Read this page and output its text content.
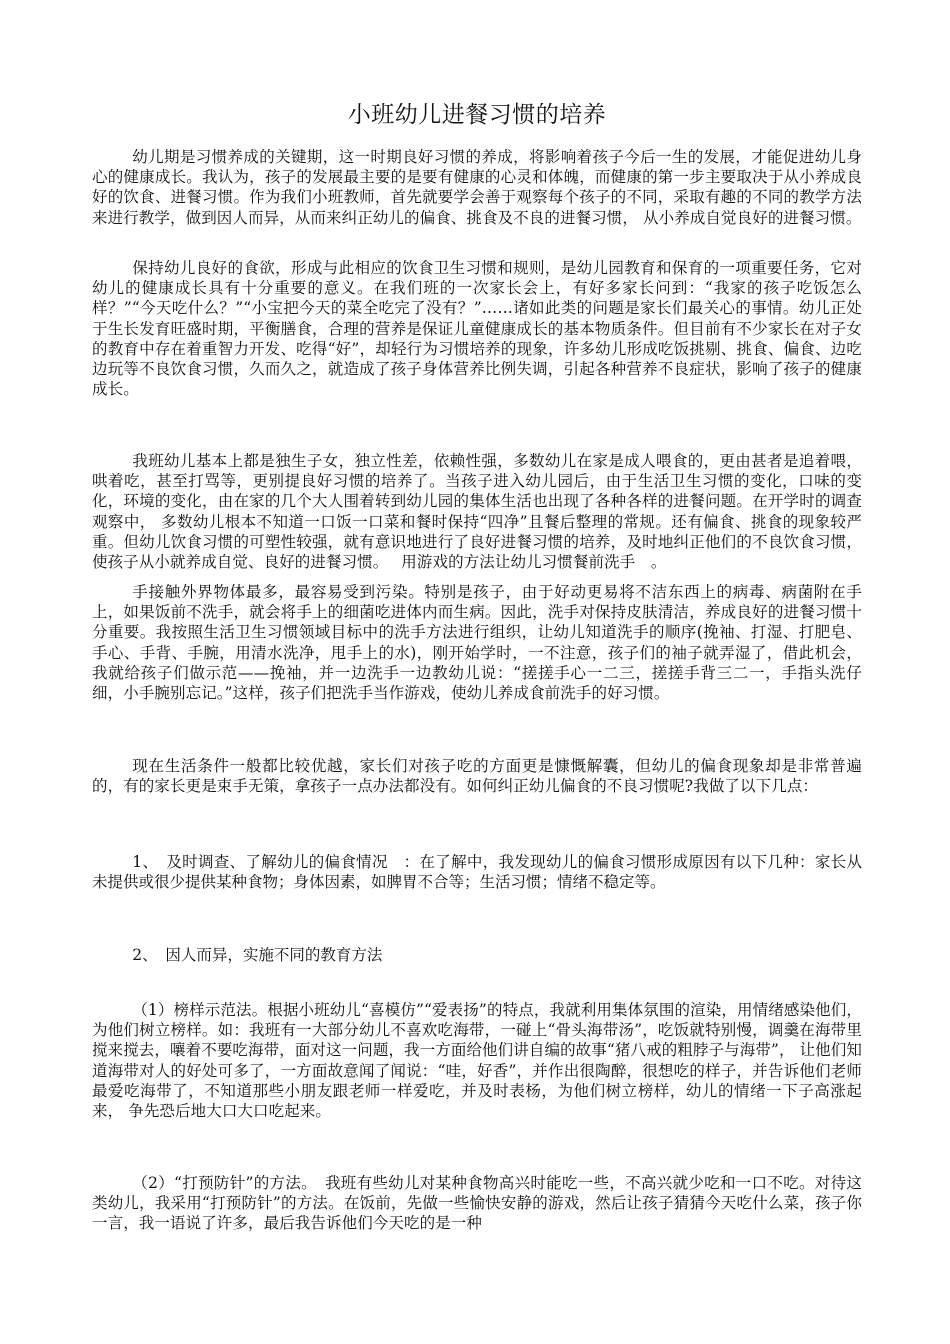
小班幼儿进餐习惯的培养

幼儿期是习惯养成的关键期，这一时期良好习惯的养成，将影响着孩子今后一生的发展，才能促进幼儿身心的健康成长。我认为，孩子的发展最主要的是要有健康的心灵和体魄，而健康的第一步主要取决于从小养成良好的饮食、进餐习惯。作为我们小班教师，首先就要学会善于观察每个孩子的不同，采取有趣的不同的教学方法来进行教学，做到因人而异，从而来纠正幼儿的偏食、挑食及不良的进餐习惯， 从小养成自觉良好的进餐习惯。

保持幼儿良好的食欲，形成与此相应的饮食卫生习惯和规则，是幼儿园教育和保育的一项重要任务，它对幼儿的健康成长具有十分重要的意义。在我们班的一次家长会上，有好多家长问到：“我家的孩子吃饭怎么样？”“今天吃什么？”“小宝把今天的菜全吃完了没有？”……诸如此类的问题是家长们最关心的事情。幼儿正处于生长发育旺盛时期，平衡膳食，合理的营养是保证儿童健康成长的基本物质条件。但目前有不少家长在对子女的教育中存在着重智力开发、吃得“好”，却轻行为习惯培养的现象，许多幼儿形成吃饭挑剔、挑食、偏食、边吃边玩等不良饮食习惯，久而久之，就造成了孩子身体营养比例失调，引起各种营养不良症状，影响了孩子的健康成长。

我班幼儿基本上都是独生子女，独立性差，依赖性强，多数幼儿在家是成人喂食的，更由甚者是追着喂，哄着吃，甚至打骂等，更别提良好习惯的培养了。当孩子进入幼儿园后，由于生活卫生习惯的变化，口味的变化，环境的变化，由在家的几个大人围着转到幼儿园的集体生活也出现了各种各样的进餐问题。在开学时的调查观察中， 多数幼儿根本不知道一口饭一口菜和餐时保持“四净”且餐后整理的常规。还有偏食、挑食的现象较严重。但幼儿饮食习惯的可塑性较强，就有意识地进行了良好进餐习惯的培养，及时地纠正他们的不良饮食习惯，使孩子从小就养成自觉、良好的进餐习惯。　 用游戏的方法让幼儿习惯餐前洗手　。

手接触外界物体最多，最容易受到污染。特别是孩子，由于好动更易将不洁东西上的病毒、病菌附在手上，如果饭前不洗手，就会将手上的细菌吃进体内而生病。因此，洗手对保持皮肤清洁，养成良好的进餐习惯十分重要。我按照生活卫生习惯领域目标中的洗手方法进行组织，让幼儿知道洗手的顺序(挽袖、打湿、打肥皂、手心、手背、手腕，用清水洗净，甩手上的水)，刚开始学时，一不注意，孩子们的袖子就弄湿了，借此机会，我就给孩子们做示范——挽袖，并一边洗手一边教幼儿说：“搓搓手心一二三，搓搓手背三二一，手指头洗仔细，小手腕别忘记。”这样，孩子们把洗手当作游戏，使幼儿养成食前洗手的好习惯。

现在生活条件一般都比较优越，家长们对孩子吃的方面更是慷慨解囊，但幼儿的偏食现象却是非常普遍的，有的家长更是束手无策，拿孩子一点办法都没有。如何纠正幼儿偏食的不良习惯呢?我做了以下几点：

1、　及时调查、了解幼儿的偏食情况　：在了解中，我发现幼儿的偏食习惯形成原因有以下几种：家长从未提供或很少提供某种食物；身体因素，如脾胃不合等；生活习惯；情绪不稳定等。

2、　因人而异，实施不同的教育方法

（1）榜样示范法。根据小班幼儿“喜模仿”“爱表扬”的特点，我就利用集体氛围的渲染，用情绪感染他们，为他们树立榜样。如：我班有一大部分幼儿不喜欢吃海带，一碰上“骨头海带汤”，吃饭就特别慢，调羹在海带里搅来搅去，嚷着不要吃海带，面对这一问题，我一方面给他们讲自编的故事“猪八戒的粗脖子与海带”， 让他们知道海带对人的好处可多了，一方面故意闻了闻说：“哇，好香”，并作出很陶醉，很想吃的样子，并告诉他们老师最爱吃海带了，不知道那些小朋友跟老师一样爱吃，并及时表杨，为他们树立榜样，幼儿的情绪一下子高涨起来， 争先恐后地大口大口吃起来。

（2）“打预防针”的方法。　我班有些幼儿对某种食物高兴时能吃一些，不高兴就少吃和一口不吃。对待这类幼儿，我采用“打预防针”的方法。在饭前，先做一些愉快安静的游戏，然后让孩子猜猜今天吃什么菜，孩子你一言，我一语说了许多，最后我告诉他们今天吃的是一种
